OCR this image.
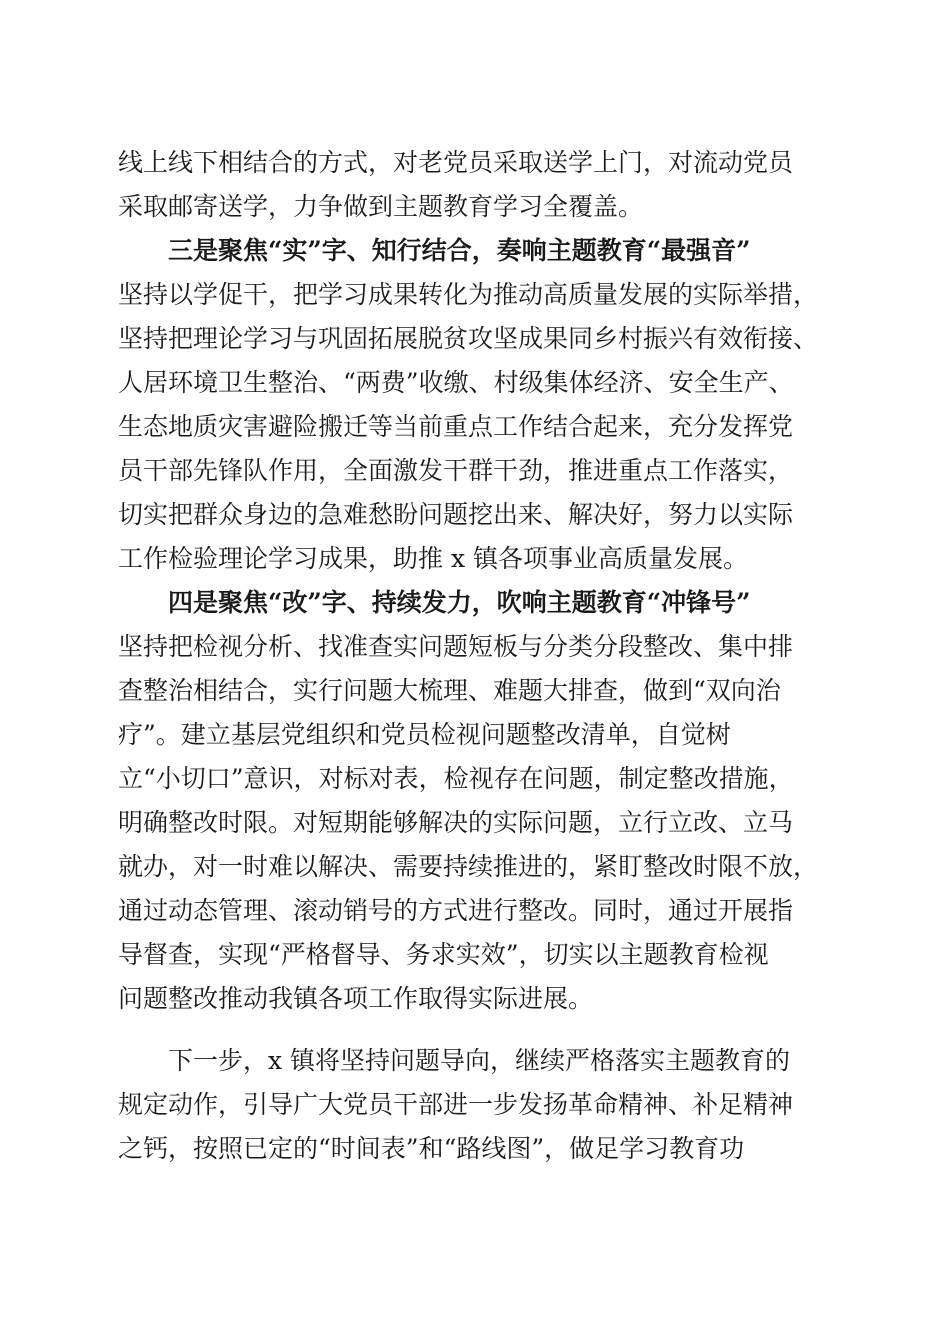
线上线下相结合的方式，对老党员采取送学上门，对流动党员
采取邮寄送学，力争做到主题教育学习全覆盖。
三是聚焦“实”字、知行结合，奏响主题教育“最强音”
坚持以学促干，把学习成果转化为推动高质量发展的实际举措，
坚持把理论学习与巩固拓展脱贫攻坚成果同乡村振兴有效衔接、
人居环境卫生整治、“两费”收缴、村级集体经济、安全生产、
生态地质灾害避险搬迁等当前重点工作结合起来，充分发挥党
员干部先锋队作用，全面激发干群干劲，推进重点工作落实，
切实把群众身边的急难愁盼问题挖出来、解决好，努力以实际
工作检验理论学习成果，助推 x 镇各项事业高质量发展。
四是聚焦“改”字、持续发力，吹响主题教育“冲锋号”
坚持把检视分析、找准查实问题短板与分类分段整改、集中排
查整治相结合，实行问题大梳理、难题大排查，做到“双向治
疗”。建立基层党组织和党员检视问题整改清单，自觉树
立“小切口”意识，对标对表，检视存在问题，制定整改措施，
明确整改时限。对短期能够解决的实际问题，立行立改、立马
就办，对一时难以解决、需要持续推进的，紧盯整改时限不放，
通过动态管理、滚动销号的方式进行整改。同时，通过开展指
导督查，实现“严格督导、务求实效”，切实以主题教育检视
问题整改推动我镇各项工作取得实际进展。
下一步，x 镇将坚持问题导向，继续严格落实主题教育的
规定动作，引导广大党员干部进一步发扬革命精神、补足精神
之钙，按照已定的“时间表”和“路线图”，做足学习教育功
